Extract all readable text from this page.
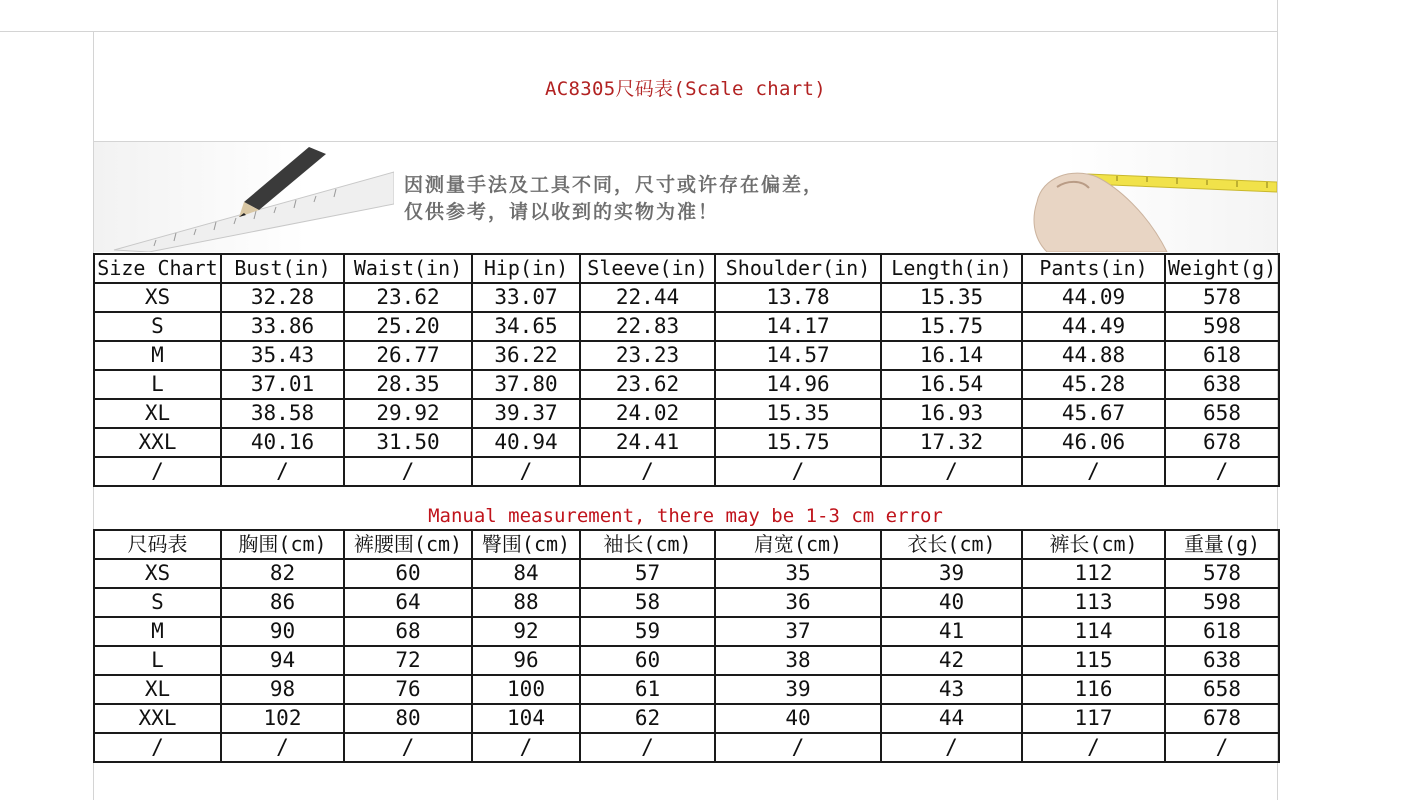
AC8305尺码表(Scale chart)
因测量手法及工具不同，尺寸或许存在偏差，
仅供参考，请以收到的实物为准！
Size Chart	Bust(in)	Waist(in)	Hip(in)	Sleeve(in)	Shoulder(in)	Length(in)	Pants(in)	Weight(g)
XS	32.28	23.62	33.07	22.44	13.78	15.35	44.09	578
S	33.86	25.20	34.65	22.83	14.17	15.75	44.49	598
M	35.43	26.77	36.22	23.23	14.57	16.14	44.88	618
L	37.01	28.35	37.80	23.62	14.96	16.54	45.28	638
XL	38.58	29.92	39.37	24.02	15.35	16.93	45.67	658
XXL	40.16	31.50	40.94	24.41	15.75	17.32	46.06	678
/	/	/	/	/	/	/	/	/
Manual measurement, there may be 1-3 cm error
尺码表	胸围(cm)	裤腰围(cm)	臀围(cm)	袖长(cm)	肩宽(cm)	衣长(cm)	裤长(cm)	重量(g)
XS	82	60	84	57	35	39	112	578
S	86	64	88	58	36	40	113	598
M	90	68	92	59	37	41	114	618
L	94	72	96	60	38	42	115	638
XL	98	76	100	61	39	43	116	658
XXL	102	80	104	62	40	44	117	678
/	/	/	/	/	/	/	/	/
